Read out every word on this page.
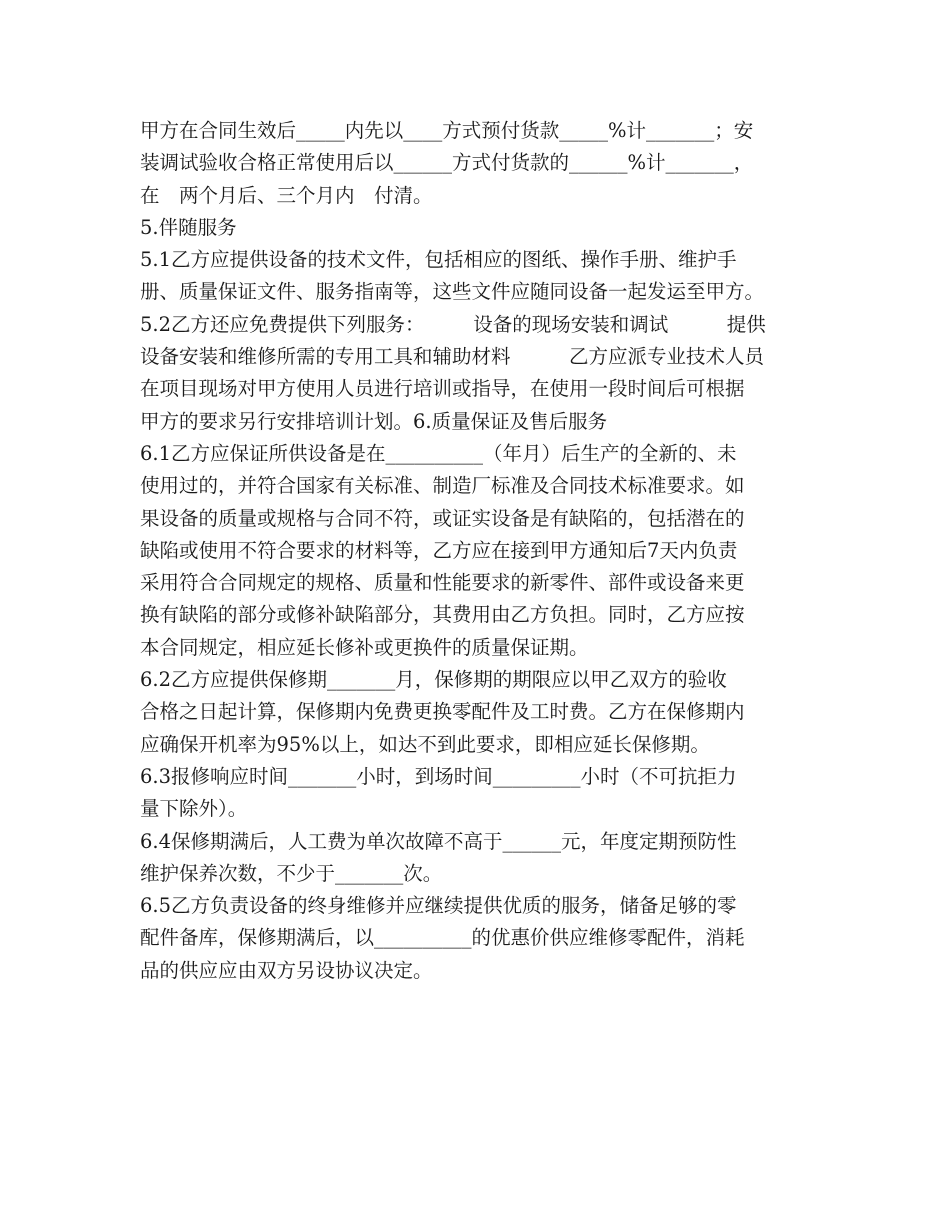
甲方在合同生效后_____内先以____方式预付货款_____%计_______；安
装调试验收合格正常使用后以______方式付货款的______%计_______，
在　两个月后、三个月内　付清。
5.伴随服务
5.1乙方应提供设备的技术文件，包括相应的图纸、操作手册、维护手
册、质量保证文件、服务指南等，这些文件应随同设备一起发运至甲方。
5.2乙方还应免费提供下列服务：　　　设备的现场安装和调试　　　提供
设备安装和维修所需的专用工具和辅助材料　　　乙方应派专业技术人员
在项目现场对甲方使用人员进行培训或指导，在使用一段时间后可根据
甲方的要求另行安排培训计划。6.质量保证及售后服务
6.1乙方应保证所供设备是在__________（年月）后生产的全新的、未
使用过的，并符合国家有关标准、制造厂标准及合同技术标准要求。如
果设备的质量或规格与合同不符，或证实设备是有缺陷的，包括潜在的
缺陷或使用不符合要求的材料等，乙方应在接到甲方通知后7天内负责
采用符合合同规定的规格、质量和性能要求的新零件、部件或设备来更
换有缺陷的部分或修补缺陷部分，其费用由乙方负担。同时，乙方应按
本合同规定，相应延长修补或更换件的质量保证期。
6.2乙方应提供保修期_______月，保修期的期限应以甲乙双方的验收
合格之日起计算，保修期内免费更换零配件及工时费。乙方在保修期内
应确保开机率为95%以上，如达不到此要求，即相应延长保修期。
6.3报修响应时间_______小时，到场时间_________小时（不可抗拒力
量下除外）。
6.4保修期满后，人工费为单次故障不高于______元，年度定期预防性
维护保养次数，不少于_______次。
6.5乙方负责设备的终身维修并应继续提供优质的服务，储备足够的零
配件备库，保修期满后，以__________的优惠价供应维修零配件，消耗
品的供应应由双方另设协议决定。
